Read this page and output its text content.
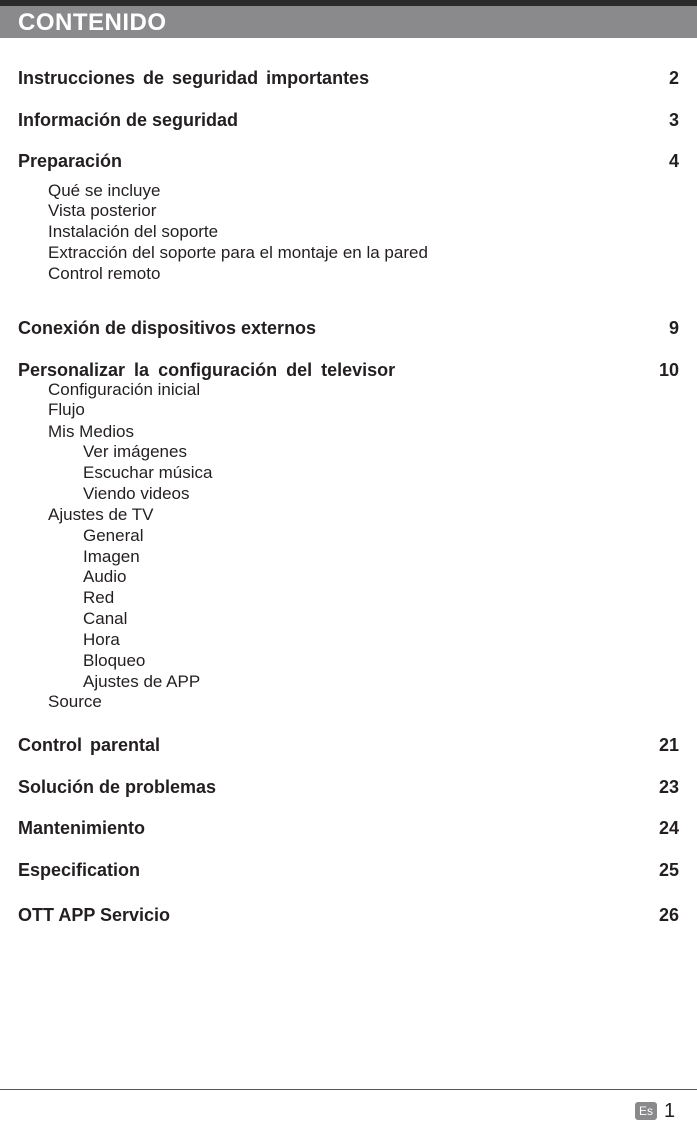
CONTENIDO
Instrucciones de seguridad importantes	2
Información de seguridad	3
Preparación	4
Qué se incluye
Vista posterior
Instalación del soporte
Extracción del soporte para el montaje en la pared
Control remoto
Conexión de dispositivos externos	9
Personalizar la configuración del televisor	10
Configuración inicial
Flujo
Mis Medios
Ver imágenes
Escuchar música
Viendo videos
Ajustes de TV
General
Imagen
Audio
Red
Canal
Hora
Bloqueo
Ajustes de APP
Source
Control parental	21
Solución de problemas	23
Mantenimiento	24
Especification	25
OTT APP Servicio	26
Es 1
